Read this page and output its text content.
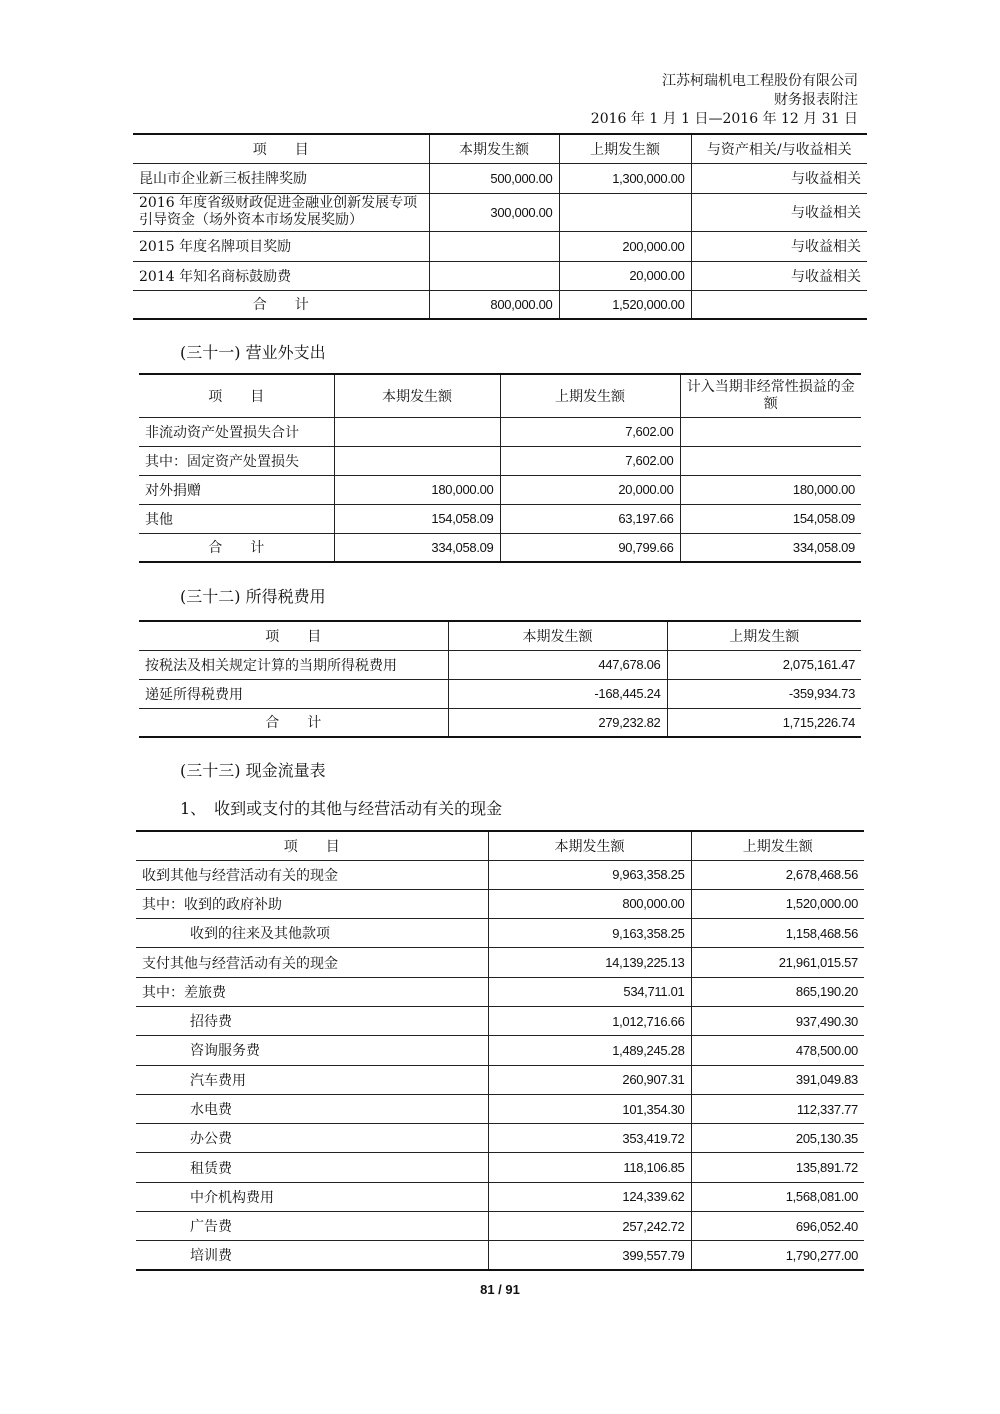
江苏柯瑞机电工程股份有限公司
财务报表附注
2016 年 1 月 1 日—2016 年 12 月 31 日
项　　目	本期发生额	上期发生额	与资产相关/与收益相关
昆山市企业新三板挂牌奖励	500,000.00	1,300,000.00	与收益相关
2016 年度省级财政促进金融业创新发展专项引导资金（场外资本市场发展奖励）	300,000.00		与收益相关
2015 年度名牌项目奖励		200,000.00	与收益相关
2014 年知名商标鼓励费		20,000.00	与收益相关
合　　计	800,000.00	1,520,000.00	
(三十一) 营业外支出
项　　目	本期发生额	上期发生额	计入当期非经常性损益的金额
非流动资产处置损失合计		7,602.00	
其中：固定资产处置损失		7,602.00	
对外捐赠	180,000.00	20,000.00	180,000.00
其他	154,058.09	63,197.66	154,058.09
合　　计	334,058.09	90,799.66	334,058.09
(三十二) 所得税费用
项　　目	本期发生额	上期发生额
按税法及相关规定计算的当期所得税费用	447,678.06	2,075,161.47
递延所得税费用	-168,445.24	-359,934.73
合　　计	279,232.82	1,715,226.74
(三十三) 现金流量表
1、　收到或支付的其他与经营活动有关的现金
项　　目	本期发生额	上期发生额
收到其他与经营活动有关的现金	9,963,358.25	2,678,468.56
其中：收到的政府补助	800,000.00	1,520,000.00
收到的往来及其他款项	9,163,358.25	1,158,468.56
支付其他与经营活动有关的现金	14,139,225.13	21,961,015.57
其中：差旅费	534,711.01	865,190.20
招待费	1,012,716.66	937,490.30
咨询服务费	1,489,245.28	478,500.00
汽车费用	260,907.31	391,049.83
水电费	101,354.30	112,337.77
办公费	353,419.72	205,130.35
租赁费	118,106.85	135,891.72
中介机构费用	124,339.62	1,568,081.00
广告费	257,242.72	696,052.40
培训费	399,557.79	1,790,277.00
81 / 91
